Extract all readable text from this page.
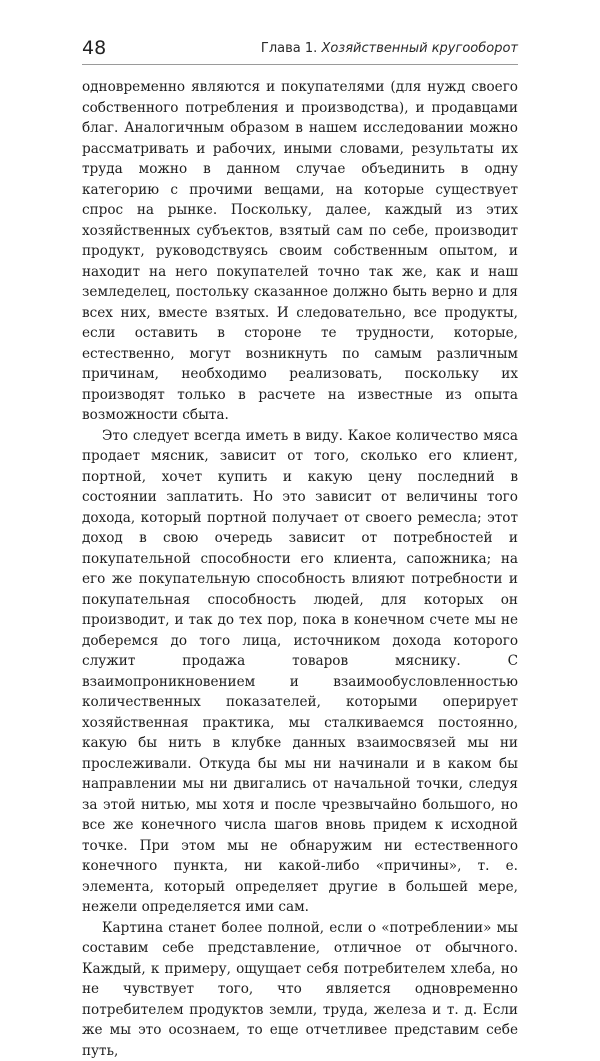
48	Глава 1. Хозяйственный кругооборот

одновременно являются и покупателями (для нужд своего собственного потребления и производства), и продавцами благ. Аналогичным образом в нашем исследовании можно рассматривать и рабочих, иными словами, результаты их труда можно в данном случае объединить в одну категорию с прочими вещами, на которые существует спрос на рынке. Поскольку, далее, каждый из этих хозяйственных субъектов, взятый сам по себе, производит продукт, руководствуясь своим собственным опытом, и находит на него покупателей точно так же, как и наш земледелец, постольку сказанное должно быть верно и для всех них, вместе взятых. И следовательно, все продукты, если оставить в стороне те трудности, которые, естественно, могут возникнуть по самым различным причинам, необходимо реализовать, поскольку их производят только в расчете на известные из опыта возможности сбыта.

Это следует всегда иметь в виду. Какое количество мяса продает мясник, зависит от того, сколько его клиент, портной, хочет купить и какую цену последний в состоянии заплатить. Но это зависит от величины того дохода, который портной получает от своего ремесла; этот доход в свою очередь зависит от потребностей и покупательной способности его клиента, сапожника; на его же покупательную способность влияют потребности и покупательная способность людей, для которых он производит, и так до тех пор, пока в конечном счете мы не доберемся до того лица, источником дохода которого служит продажа товаров мяснику. С взаимопроникновением и взаимообусловленностью количественных показателей, которыми оперирует хозяйственная практика, мы сталкиваемся постоянно, какую бы нить в клубке данных взаимосвязей мы ни прослеживали. Откуда бы мы ни начинали и в каком бы направлении мы ни двигались от начальной точки, следуя за этой нитью, мы хотя и после чрезвычайно большого, но все же конечного числа шагов вновь придем к исходной точке. При этом мы не обнаружим ни естественного конечного пункта, ни какой-либо «причины», т. е. элемента, который определяет другие в большей мере, нежели определяется ими сам.

Картина станет более полной, если о «потреблении» мы составим себе представление, отличное от обычного. Каждый, к примеру, ощущает себя потребителем хлеба, но не чувствует того, что является одновременно потребителем продуктов земли, труда, железа и т. д. Если же мы это осознаем, то еще отчетливее представим себе путь,
